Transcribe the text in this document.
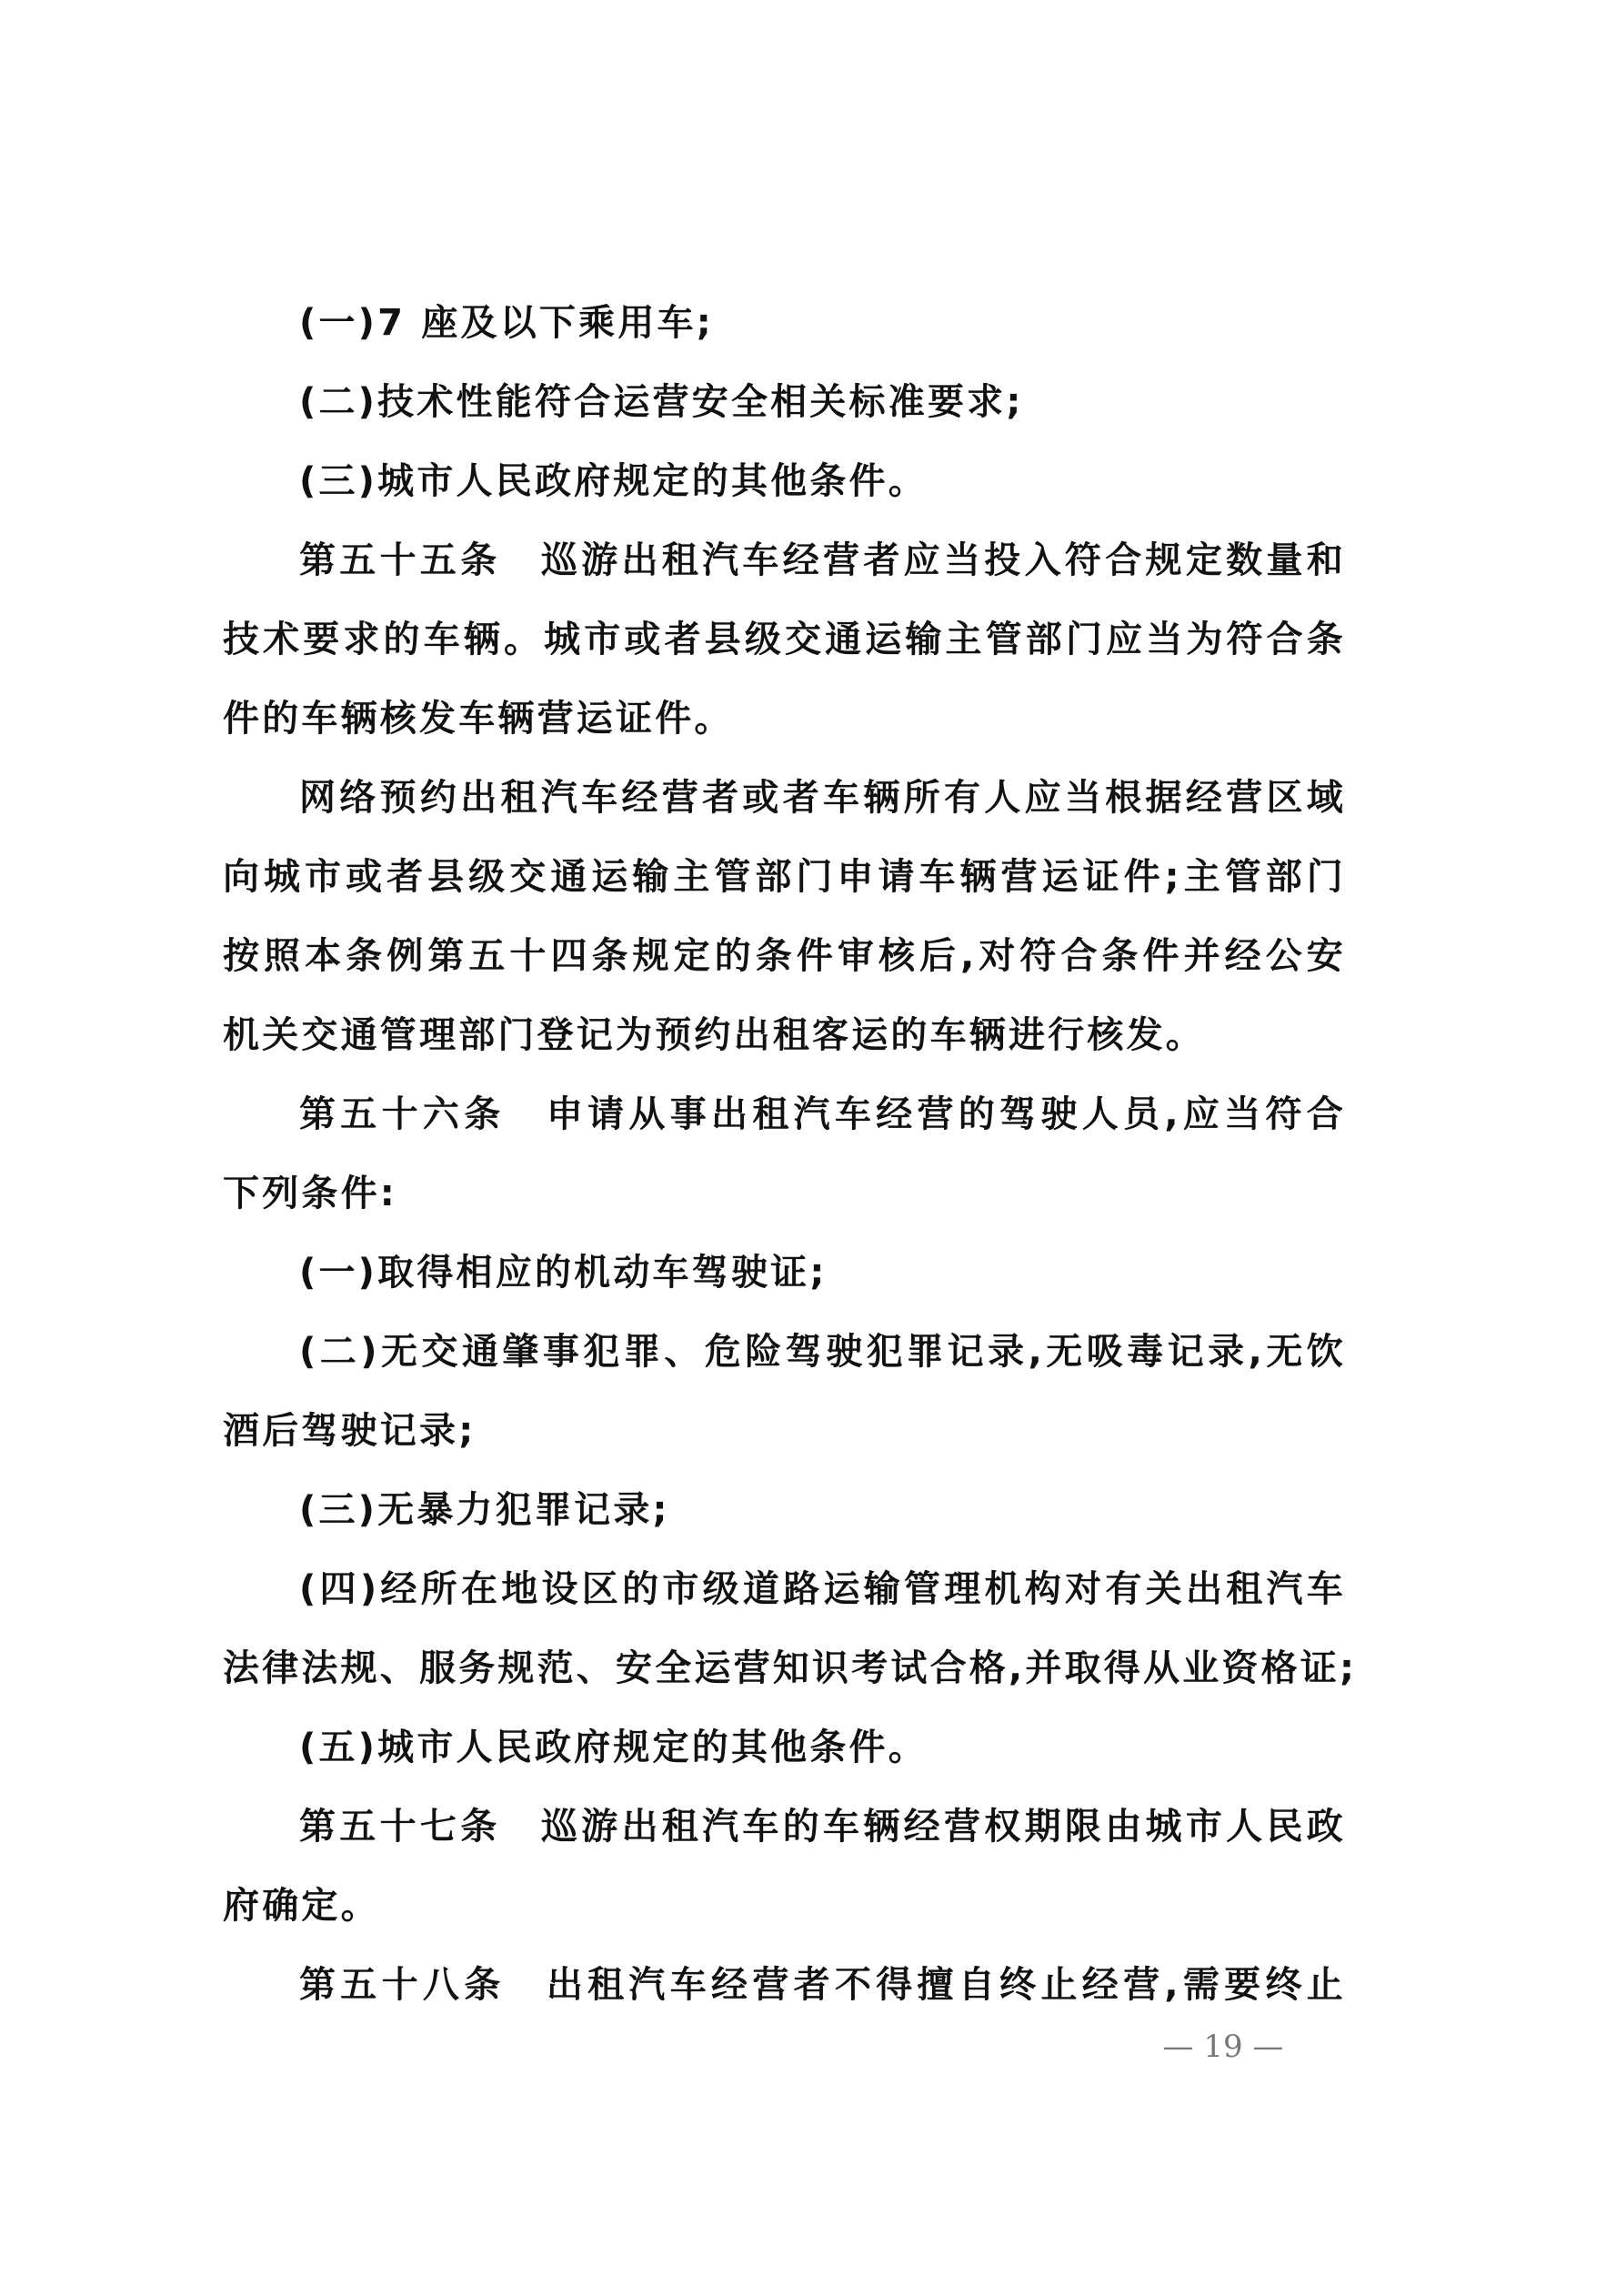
(一)7 座及以下乘用车;
(二)技术性能符合运营安全相关标准要求;
(三)城市人民政府规定的其他条件。
第五十五条　巡游出租汽车经营者应当投入符合规定数量和
技术要求的车辆。城市或者县级交通运输主管部门应当为符合条
件的车辆核发车辆营运证件。
网络预约出租汽车经营者或者车辆所有人应当根据经营区域
向城市或者县级交通运输主管部门申请车辆营运证件;主管部门
按照本条例第五十四条规定的条件审核后,对符合条件并经公安
机关交通管理部门登记为预约出租客运的车辆进行核发。
第五十六条　申请从事出租汽车经营的驾驶人员,应当符合
下列条件:
(一)取得相应的机动车驾驶证;
(二)无交通肇事犯罪、危险驾驶犯罪记录,无吸毒记录,无饮
酒后驾驶记录;
(三)无暴力犯罪记录;
(四)经所在地设区的市级道路运输管理机构对有关出租汽车
法律法规、服务规范、安全运营知识考试合格,并取得从业资格证;
(五)城市人民政府规定的其他条件。
第五十七条　巡游出租汽车的车辆经营权期限由城市人民政
府确定。
第五十八条　出租汽车经营者不得擅自终止经营,需要终止
— 19 —
